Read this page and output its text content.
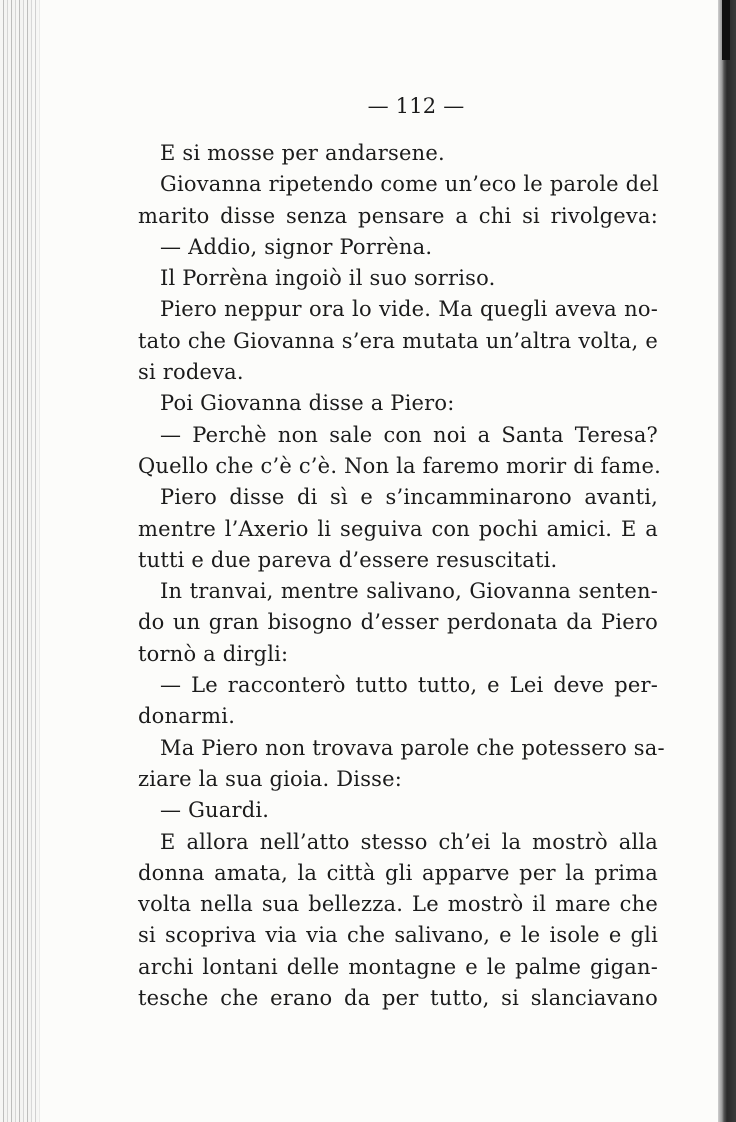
— 112 —
E si mosse per andarsene.
Giovanna ripetendo come un’eco le parole del
marito disse senza pensare a chi si rivolgeva:
— Addio, signor Porrèna.
Il Porrèna ingoiò il suo sorriso.
Piero neppur ora lo vide. Ma quegli aveva no-
tato che Giovanna s’era mutata un’altra volta, e
si rodeva.
Poi Giovanna disse a Piero:
— Perchè non sale con noi a Santa Teresa?
Quello che c’è c’è. Non la faremo morir di fame.
Piero disse di sì e s’incamminarono avanti,
mentre l’Axerio li seguiva con pochi amici. E a
tutti e due pareva d’essere resuscitati.
In tranvai, mentre salivano, Giovanna senten-
do un gran bisogno d’esser perdonata da Piero
tornò a dirgli:
— Le racconterò tutto tutto, e Lei deve per-
donarmi.
Ma Piero non trovava parole che potessero sa-
ziare la sua gioia. Disse:
— Guardi.
E allora nell’atto stesso ch’ei la mostrò alla
donna amata, la città gli apparve per la prima
volta nella sua bellezza. Le mostrò il mare che
si scopriva via via che salivano, e le isole e gli
archi lontani delle montagne e le palme gigan-
tesche che erano da per tutto, si slanciavano
